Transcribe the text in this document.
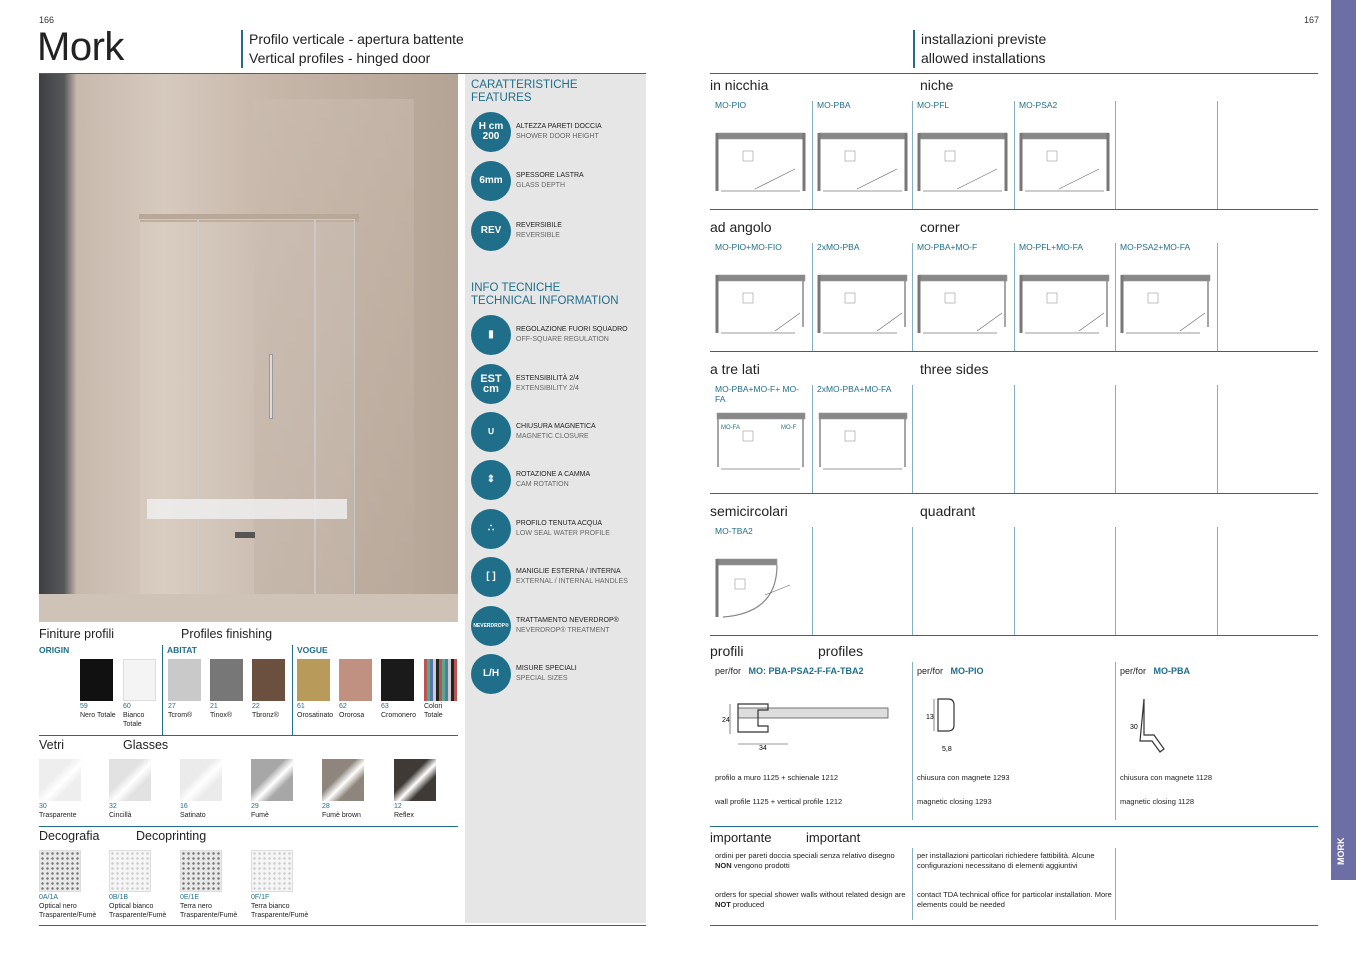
166
Mork	Profilo verticale - apertura battente
Vertical profiles - hinged door
CARATTERISTICHE
FEATURES
H cm 200
ALTEZZA PARETI DOCCIA
SHOWER DOOR HEIGHT
6mm SPESSORE LASTRA
GLASS DEPTH
REV REVERSIBILE
REVERSIBLE
INFO TECNICHE
TECHNICAL INFORMATION
▮	REGOLAZIONE FUORI SQUADRO
OFF-SQUARE REGULATION
EST cm
ESTENSIBILITÀ 2/4
EXTENSIBILITY 2/4
∪	CHIUSURA MAGNETICA
MAGNETIC CLOSURE
⇕	ROTAZIONE A CAMMA
CAM ROTATION
∴	PROFILO TENUTA ACQUA
LOW SEAL WATER PROFILE
[ ]	MANIGLIE ESTERNA / INTERNA
EXTERNAL / INTERNAL HANDLES
NEVERDROP®
TRATTAMENTO NEVERDROP®
NEVERDROP® TREATMENT
L/H MISURE SPECIALI
SPECIAL SIZES
Finiture profili	Profiles finishing
ORIGIN	ABITAT	VOGUE
59
Nero Totale
60
Bianco Totale
27
Tcrom®
21
Tinox®
22
Tbronz®
61
Orosatinato
62
Ororosa
63
Cromonero
Colori Totale
Vetri	Glasses
30
Trasparente
32
Cincillà
16
Satinato
29
Fumè
28
Fumè brown
12
Reflex
Decografia	Decoprinting
0A/1A
Optical nero Trasparente/Fumè
0B/1B
Optical bianco Trasparente/Fumè
0E/1E
Terra nero Trasparente/Fumè
0F/1F
Terra bianco Trasparente/Fumè
167
installazioni previste
allowed installations
in nicchia	niche
MO-PIO	MO-PBA	MO-PFL	MO-PSA2
ad angolo	corner
MO-PIO+MO-FIO	2xMO-PBA	MO-PBA+MO-F	MO-PFL+MO-FA	MO-PSA2+MO-FA
a tre lati	three sides
MO-PBA+MO-F+ MO-FA
MO-FA	MO-F
2xMO-PBA+MO-FA
semicircolari	quadrant
MO-TBA2
profili	profiles
per/for MO: PBA-PSA2-F-FA-TBA2
24
34
profilo a muro 1125 + schienale 1212
wall profile 1125 + vertical profile 1212
per/for MO-PIO
13
5,8
chiusura con magnete 1293
magnetic closing 1293
per/for MO-PBA
30
chiusura con magnete 1128
magnetic closing 1128
importante	important
ordini per pareti doccia speciali senza relativo disegno NON vengono prodotti
orders for special shower walls without related design are NOT produced
per installazioni particolari richiedere fattibilità. Alcune configurazioni necessitano di elementi aggiuntivi
contact TDA technical office for particolar installation. More elements could be needed
MORK
